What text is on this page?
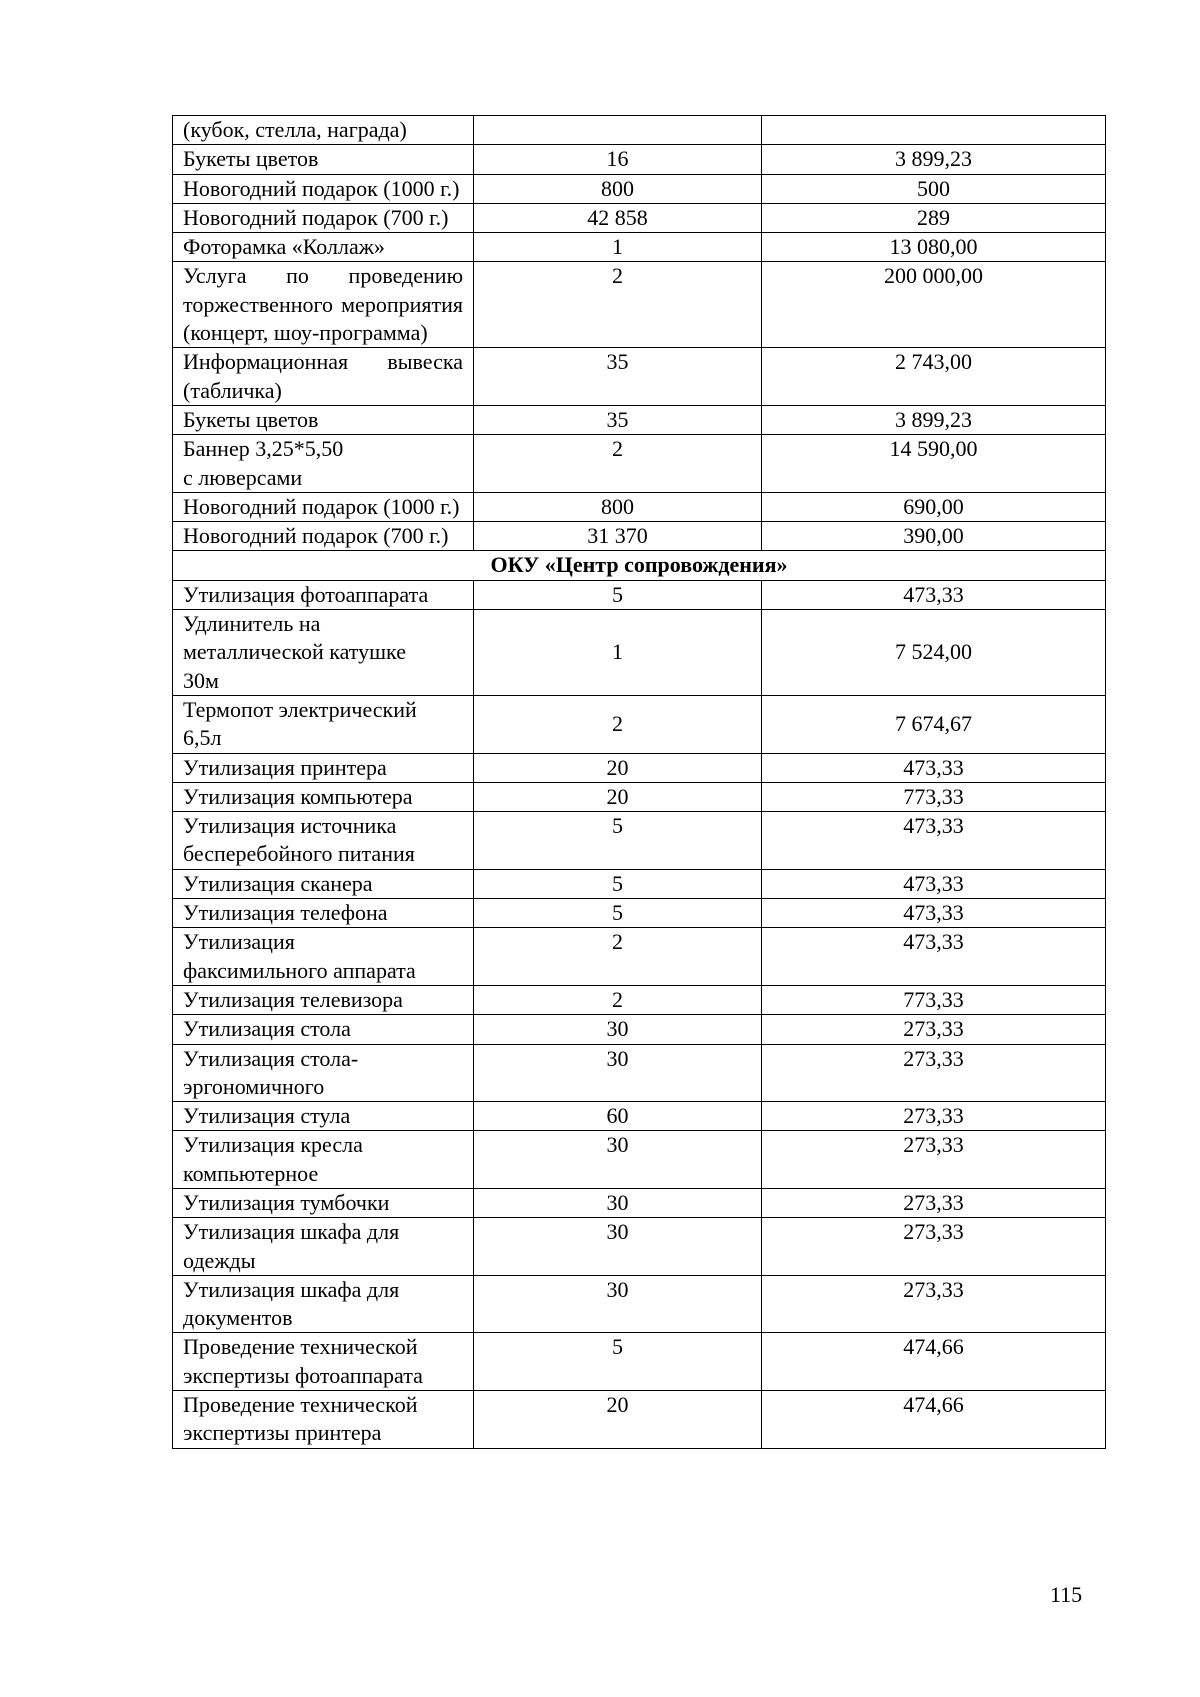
(кубок, стелла, награда)		
Букеты цветов	16	3 899,23
Новогодний подарок (1000 г.)	800	500
Новогодний подарок (700 г.)	42 858	289
Фоторамка «Коллаж»	1	13 080,00
Услуга по проведению торжественного мероприятия (концерт, шоу-программа)	2	200 000,00
Информационная вывеска (табличка)	35	2 743,00
Букеты цветов	35	3 899,23
Баннер 3,25*5,50
с люверсами	2	14 590,00
Новогодний подарок (1000 г.)	800	690,00
Новогодний подарок (700 г.)	31 370	390,00
ОКУ «Центр сопровождения»		
Утилизация фотоаппарата	5	473,33
Удлинитель на
металлической катушке
30м	1	7 524,00
Термопот электрический
6,5л	2	7 674,67
Утилизация принтера	20	473,33
Утилизация компьютера	20	773,33
Утилизация источника
бесперебойного питания	5	473,33
Утилизация сканера	5	473,33
Утилизация телефона	5	473,33
Утилизация
факсимильного аппарата	2	473,33
Утилизация телевизора	2	773,33
Утилизация стола	30	273,33
Утилизация стола-
эргономичного	30	273,33
Утилизация стула	60	273,33
Утилизация кресла
компьютерное	30	273,33
Утилизация тумбочки	30	273,33
Утилизация шкафа для
одежды	30	273,33
Утилизация шкафа для
документов	30	273,33
Проведение технической
экспертизы фотоаппарата	5	474,66
Проведение технической
экспертизы принтера	20	474,66
115
